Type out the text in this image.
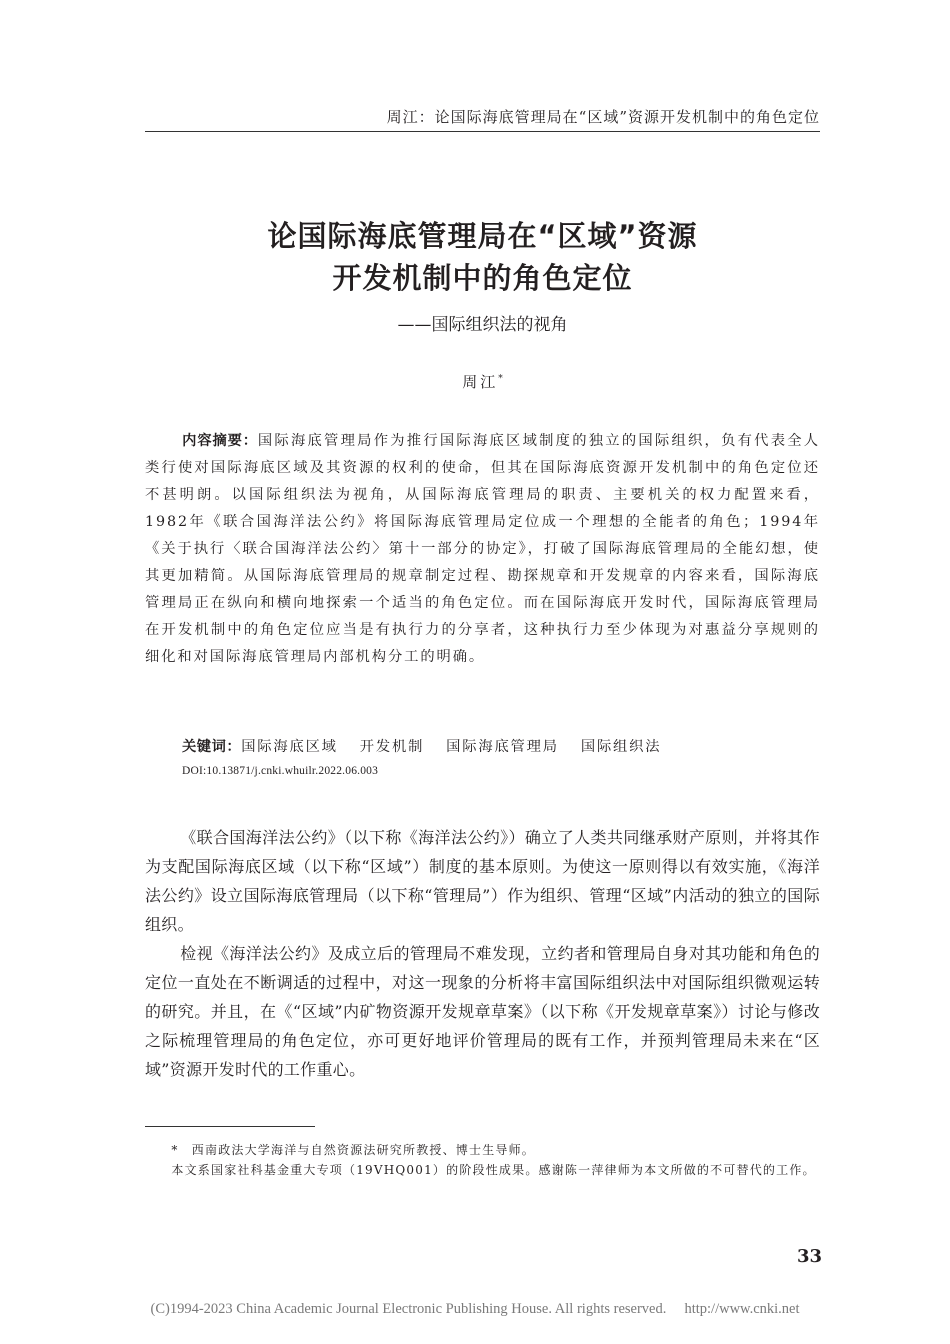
周江：论国际海底管理局在“区域”资源开发机制中的角色定位
论国际海底管理局在“区域”资源
开发机制中的角色定位
——国际组织法的视角
周江*

内容摘要：国际海底管理局作为推行国际海底区域制度的独立的国际组织，负有代表全人类行使对国际海底区域及其资源的权利的使命，但其在国际海底资源开发机制中的角色定位还不甚明朗。以国际组织法为视角，从国际海底管理局的职责、主要机关的权力配置来看，1982年《联合国海洋法公约》将国际海底管理局定位成一个理想的全能者的角色；1994年《关于执行〈联合国海洋法公约〉第十一部分的协定》，打破了国际海底管理局的全能幻想，使其更加精简。从国际海底管理局的规章制定过程、勘探规章和开发规章的内容来看，国际海底管理局正在纵向和横向地探索一个适当的角色定位。而在国际海底开发时代，国际海底管理局在开发机制中的角色定位应当是有执行力的分享者，这种执行力至少体现为对惠益分享规则的细化和对国际海底管理局内部机构分工的明确。

关键词：国际海底区域 开发机制 国际海底管理局 国际组织法
DOI:10.13871/j.cnki.whuilr.2022.06.003

《联合国海洋法公约》（以下称《海洋法公约》）确立了人类共同继承财产原则，并将其作为支配国际海底区域（以下称“区域”）制度的基本原则。为使这一原则得以有效实施，《海洋法公约》设立国际海底管理局（以下称“管理局”）作为组织、管理“区域”内活动的独立的国际组织。

检视《海洋法公约》及成立后的管理局不难发现，立约者和管理局自身对其功能和角色的定位一直处在不断调适的过程中，对这一现象的分析将丰富国际组织法中对国际组织微观运转的研究。并且，在《“区域”内矿物资源开发规章草案》（以下称《开发规章草案》）讨论与修改之际梳理管理局的角色定位，亦可更好地评价管理局的既有工作，并预判管理局未来在“区域”资源开发时代的工作重心。

*　西南政法大学海洋与自然资源法研究所教授、博士生导师。

本文系国家社科基金重大专项（19VHQ001）的阶段性成果。感谢陈一萍律师为本文所做的不可替代的工作。

33
(C)1994-2023 China Academic Journal Electronic Publishing House. All rights reserved.　 http://www.cnki.net
